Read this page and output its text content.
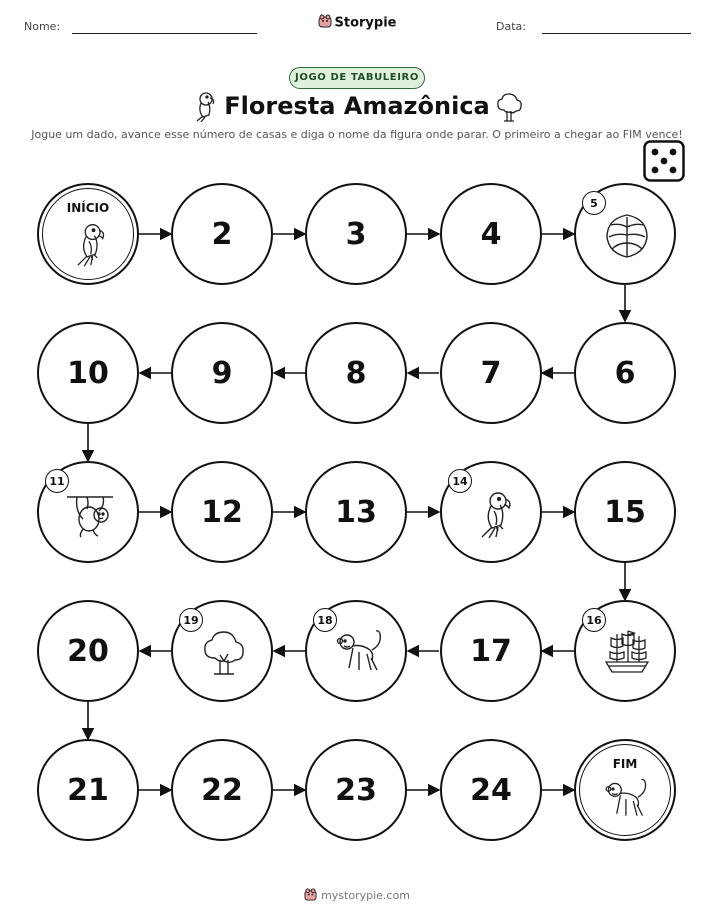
Nome:	Storypie	Data:
JOGO DE TABULEIRO
Floresta Amazônica
Jogue um dado, avance esse número de casas e diga o nome da figura onde parar. O primeiro a chegar ao FIM vence!
INÍCIO
2	3	4
5
6
7
8
9
10
11
12	13
14
15
16
17
18
19
20
21	22	23	24
FIM
mystorypie.com
